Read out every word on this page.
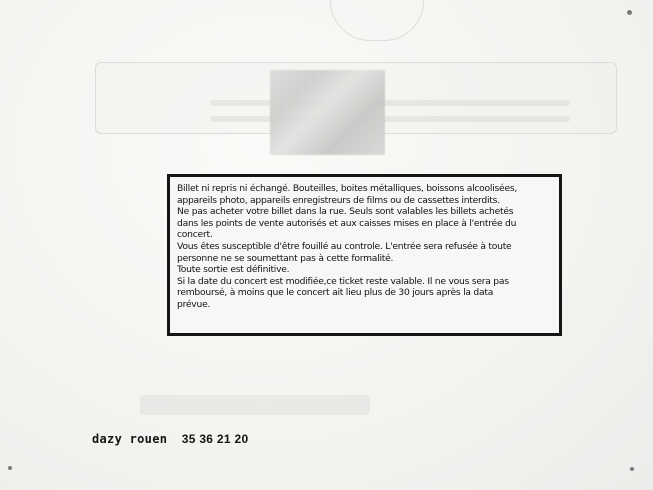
Billet ni repris ni échangé. Bouteilles, boites métalliques, boissons alcoolisées,
appareils photo, appareils enregistreurs de films ou de cassettes interdits.
Ne pas acheter votre billet dans la rue. Seuls sont valables les billets achetés
dans les points de vente autorisés et aux caisses mises en place à l'entrée du
concert.
Vous êtes susceptible d'être fouillé au controle. L'entrée sera refusée à toute
personne ne se soumettant pas à cette formalité.
Toute sortie est définitive.
Si la date du concert est modifiée,ce ticket reste valable. Il ne vous sera pas
remboursé, à moins que le concert ait lieu plus de 30 jours après la data
prévue.

dazy rouen 35 36 21 20
